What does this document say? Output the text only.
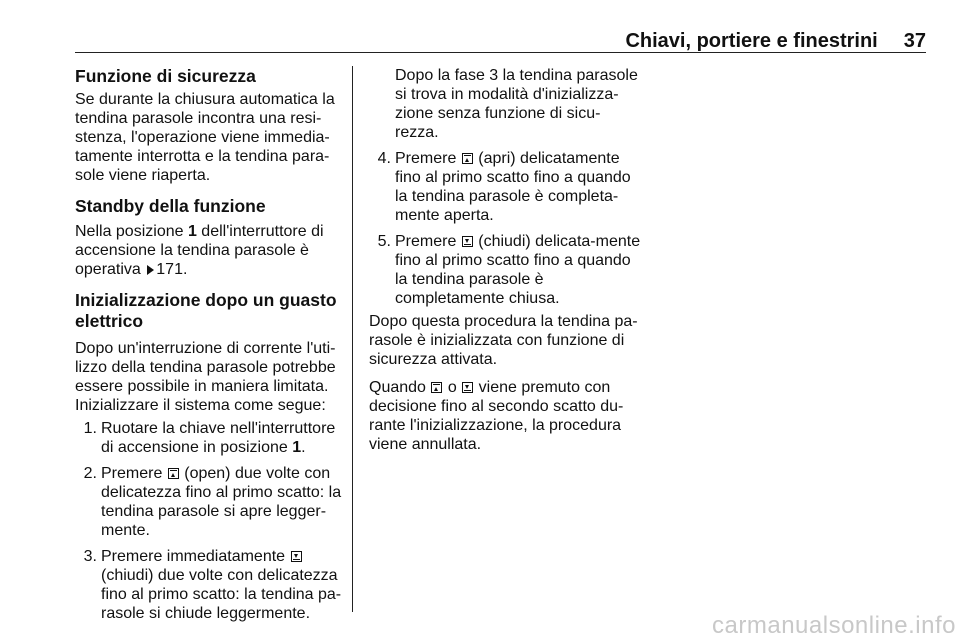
Chiavi, portiere e finestrini 37
Funzione di sicurezza

Se durante la chiusura automatica la tendina parasole incontra una resi-stenza, l'operazione viene immedia-tamente interrotta e la tendina para-sole viene riaperta.

Standby della funzione

Nella posizione 1 dell'interruttore di accensione la tendina parasole è operativa 171.

Inizializzazione dopo un guasto elettrico

Dopo un'interruzione di corrente l'uti-lizzo della tendina parasole potrebbe essere possibile in maniera limitata. Inizializzare il sistema come segue:

1. Ruotare la chiave nell'interruttore di accensione in posizione 1.
2. Premere
(open) due volte con delicatezza fino al primo scatto: la tendina parasole si apre legger-mente.
3. Premere immediatamente
(chiudi) due volte con delicatezza fino al primo scatto: la tendina pa-rasole si chiude leggermente.

Dopo la fase 3 la tendina parasole si trova in modalità d'inizializza-zione senza funzione di sicu-rezza.

4. Premere
(apri) delicatamente fino al primo scatto fino a quando la tendina parasole è completa-mente aperta.
5. Premere
(chiudi) delicata-mente fino al primo scatto fino a quando la tendina parasole è completamente chiusa.

Dopo questa procedura la tendina pa-rasole è inizializzata con funzione di sicurezza attivata.

Quando
o
viene premuto con decisione fino al secondo scatto du-rante l'inizializzazione, la procedura viene annullata.

carmanualsonline.info
